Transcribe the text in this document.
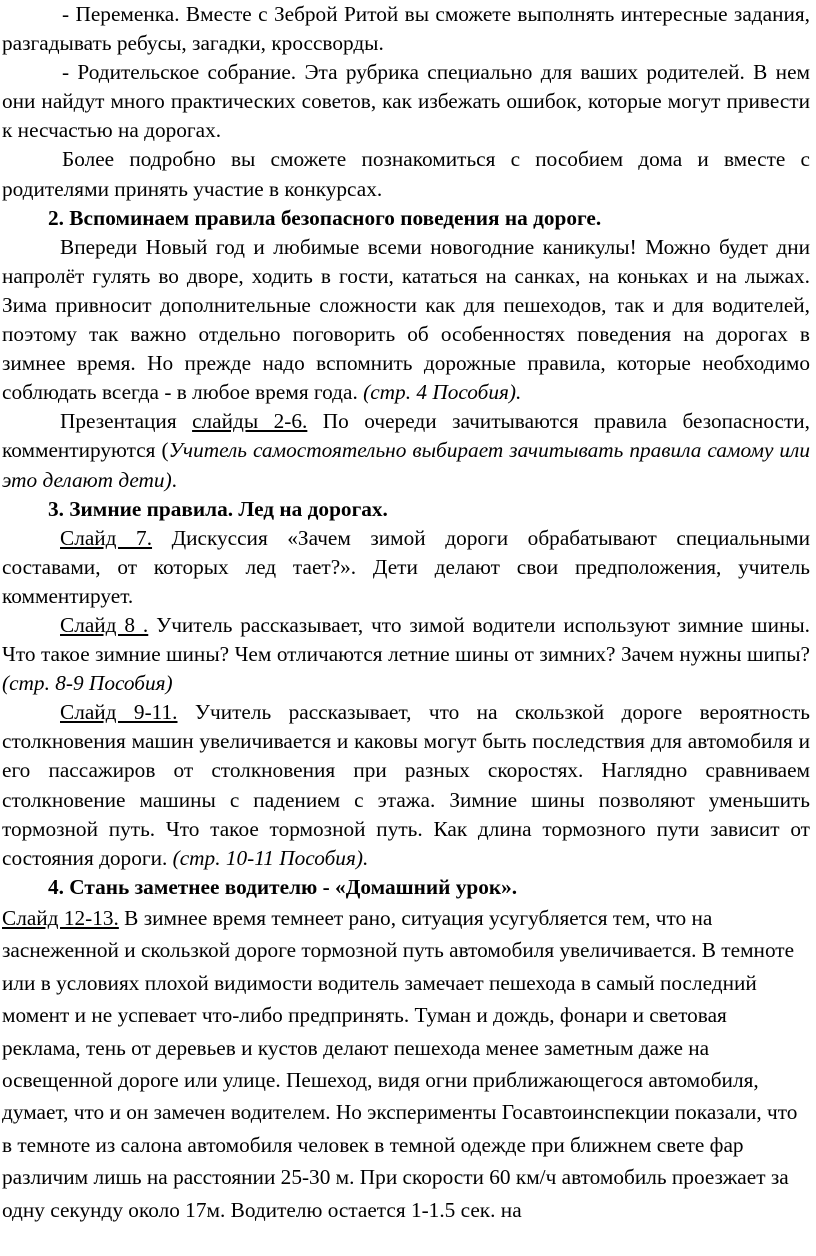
- Переменка. Вместе с Зеброй Ритой вы сможете выполнять интересные задания, разгадывать ребусы, загадки, кроссворды.

- Родительское собрание. Эта рубрика специально для ваших родителей. В нем они найдут много практических советов, как избежать ошибок, которые могут привести к несчастью на дорогах.

Более подробно вы сможете познакомиться с пособием дома и вместе с родителями принять участие в конкурсах.

2. Вспоминаем правила безопасного поведения на дороге.

Впереди Новый год и любимые всеми новогодние каникулы! Можно будет дни напролёт гулять во дворе, ходить в гости, кататься на санках, на коньках и на лыжах. Зима привносит дополнительные сложности как для пешеходов, так и для водителей, поэтому так важно отдельно поговорить об особенностях поведения на дорогах в зимнее время. Но прежде надо вспомнить дорожные правила, которые необходимо соблюдать всегда - в любое время года. (стр. 4 Пособия).

Презентация слайды 2-6. По очереди зачитываются правила безопасности, комментируются (Учитель самостоятельно выбирает зачитывать правила самому или это делают дети).

3. Зимние правила. Лед на дорогах.

Слайд 7. Дискуссия «Зачем зимой дороги обрабатывают специальными составами, от которых лед тает?». Дети делают свои предположения, учитель комментирует.

Слайд 8 . Учитель рассказывает, что зимой водители используют зимние шины. Что такое зимние шины? Чем отличаются летние шины от зимних? Зачем нужны шипы? (стр. 8-9 Пособия)

Слайд 9-11. Учитель рассказывает, что на скользкой дороге вероятность столкновения машин увеличивается и каковы могут быть последствия для автомобиля и его пассажиров от столкновения при разных скоростях. Наглядно сравниваем столкновение машины с падением с этажа. Зимние шины позволяют уменьшить тормозной путь. Что такое тормозной путь. Как длина тормозного пути зависит от состояния дороги. (стр. 10-11 Пособия).

4. Стань заметнее водителю - «Домашний урок».

Слайд 12-13. В зимнее время темнеет рано, ситуация усугубляется тем, что на заснеженной и скользкой дороге тормозной путь автомобиля увеличивается. В темноте или в условиях плохой видимости водитель замечает пешехода в самый последний момент и не успевает что-либо предпринять. Туман и дождь, фонари и световая реклама, тень от деревьев и кустов делают пешехода менее заметным даже на освещенной дороге или улице. Пешеход, видя огни приближающегося автомобиля, думает, что и он замечен водителем. Но эксперименты Госавтоинспекции показали, что в темноте из салона автомобиля человек в темной одежде при ближнем свете фар различим лишь на расстоянии 25-30 м. При скорости 60 км/ч автомобиль проезжает за одну секунду около 17м. Водителю остается 1-1.5 сек. на
